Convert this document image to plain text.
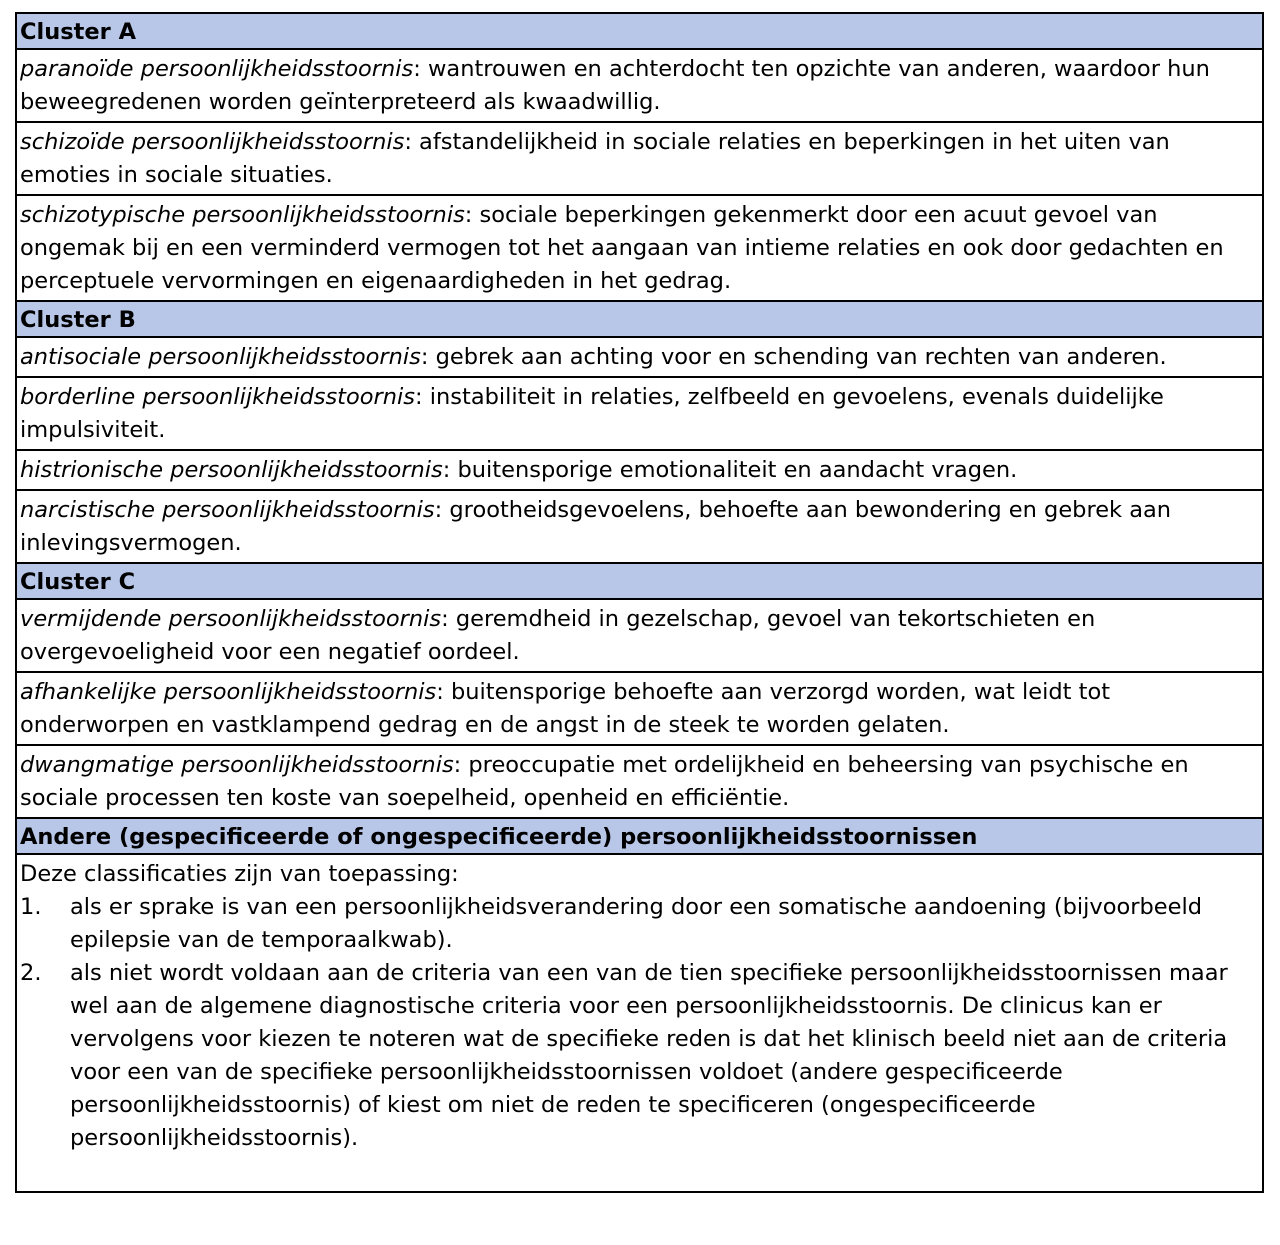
Cluster A
paranoïde persoonlijkheidsstoornis: wantrouwen en achterdocht ten opzichte van anderen, waardoor hun beweegredenen worden geïnterpreteerd als kwaadwillig.
schizoïde persoonlijkheidsstoornis: afstandelijkheid in sociale relaties en beperkingen in het uiten van emoties in sociale situaties.
schizotypische persoonlijkheidsstoornis: sociale beperkingen gekenmerkt door een acuut gevoel van ongemak bij en een verminderd vermogen tot het aangaan van intieme relaties en ook door gedachten en perceptuele vervormingen en eigenaardigheden in het gedrag.
Cluster B
antisociale persoonlijkheidsstoornis: gebrek aan achting voor en schending van rechten van anderen.
borderline persoonlijkheidsstoornis: instabiliteit in relaties, zelfbeeld en gevoelens, evenals duidelijke impulsiviteit.
histrionische persoonlijkheidsstoornis: buitensporige emotionaliteit en aandacht vragen.
narcistische persoonlijkheidsstoornis: grootheidsgevoelens, behoefte aan bewondering en gebrek aan inlevingsvermogen.
Cluster C
vermijdende persoonlijkheidsstoornis: geremdheid in gezelschap, gevoel van tekortschieten en overgevoeligheid voor een negatief oordeel.
afhankelijke persoonlijkheidsstoornis: buitensporige behoefte aan verzorgd worden, wat leidt tot onderworpen en vastklampend gedrag en de angst in de steek te worden gelaten.
dwangmatige persoonlijkheidsstoornis: preoccupatie met ordelijkheid en beheersing van psychische en sociale processen ten koste van soepelheid, openheid en efficiëntie.
Andere (gespecificeerde of ongespecificeerde) persoonlijkheidsstoornissen
Deze classificaties zijn van toepassing:
1.	als er sprake is van een persoonlijkheidsverandering door een somatische aandoening (bijvoorbeeld epilepsie van de temporaalkwab).
2.	als niet wordt voldaan aan de criteria van een van de tien specifieke persoonlijkheidsstoornissen maar wel aan de algemene diagnostische criteria voor een persoonlijkheidsstoornis. De clinicus kan er vervolgens voor kiezen te noteren wat de specifieke reden is dat het klinisch beeld niet aan de criteria voor een van de specifieke persoonlijkheidsstoornissen voldoet (andere gespecificeerde persoonlijkheidsstoornis) of kiest om niet de reden te specificeren (ongespecificeerde persoonlijkheidsstoornis).
